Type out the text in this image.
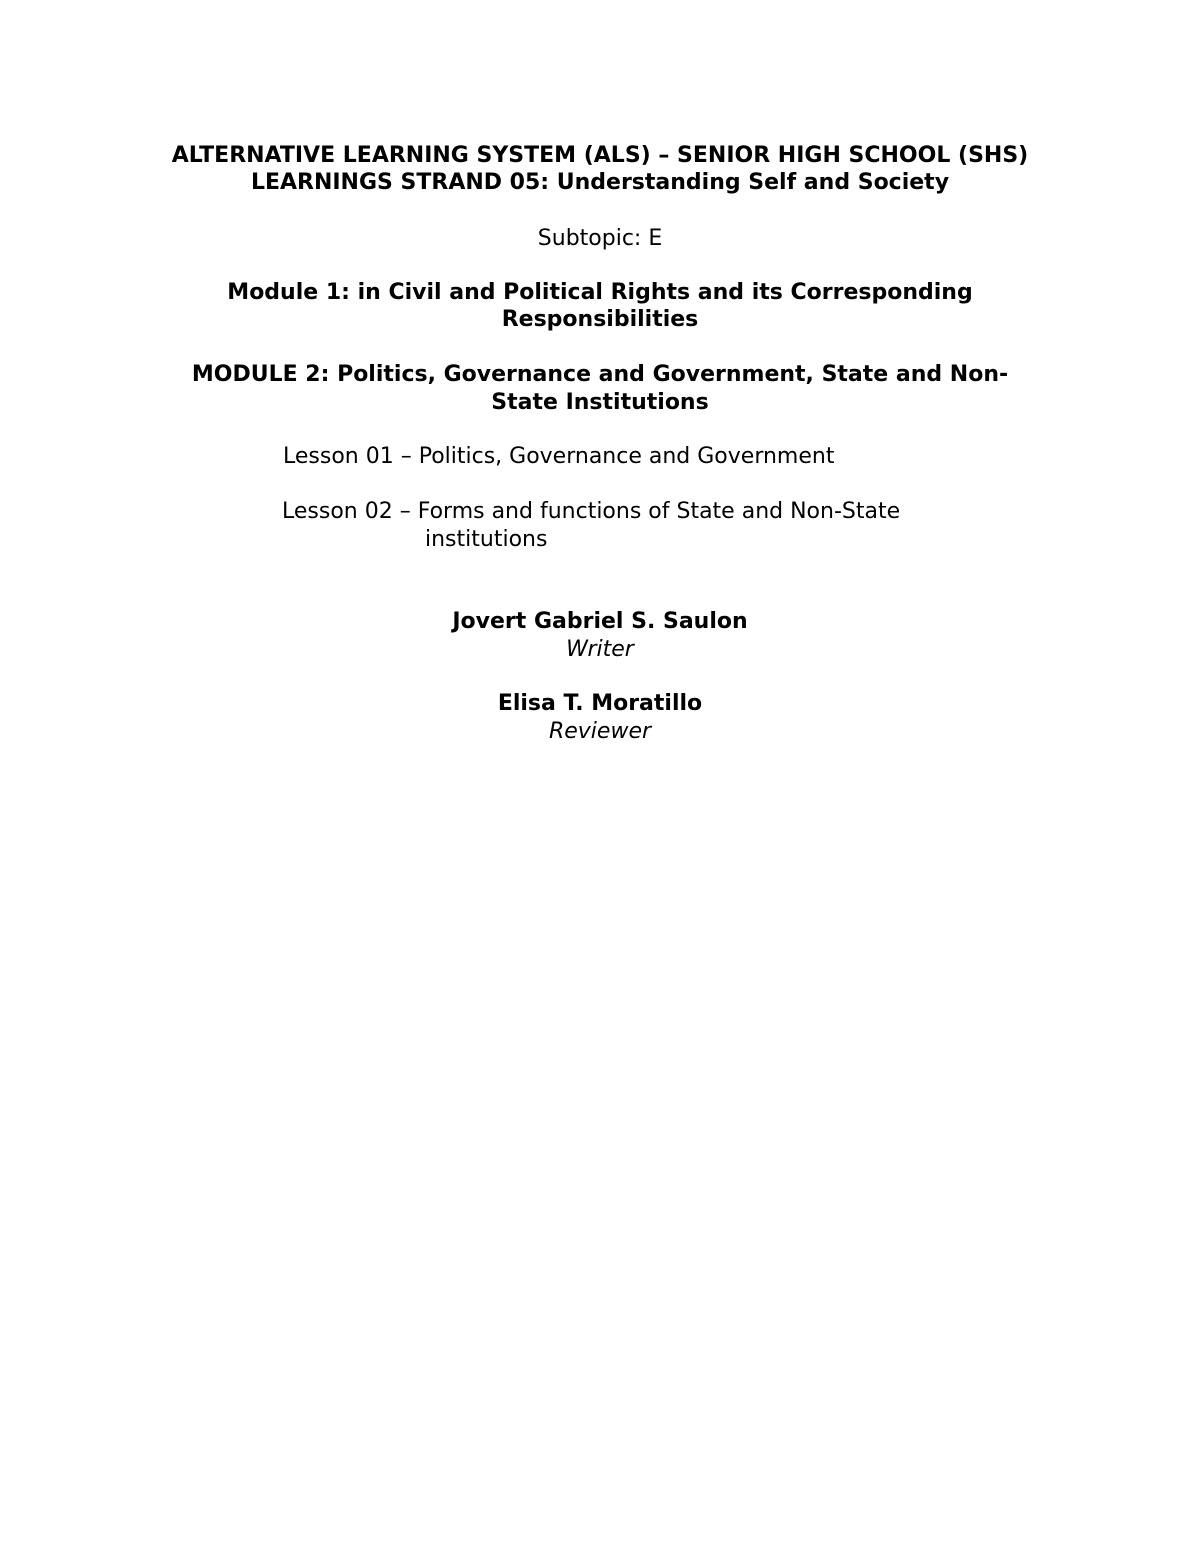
ALTERNATIVE LEARNING SYSTEM (ALS) – SENIOR HIGH SCHOOL (SHS)

LEARNINGS STRAND 05: Understanding Self and Society

Subtopic: E

Module 1: in Civil and Political Rights and its Corresponding

Responsibilities

MODULE 2: Politics, Governance and Government, State and Non-

State Institutions

Lesson 01 – Politics, Governance and Government

Lesson 02 – Forms and functions of State and Non-State

institutions

Jovert Gabriel S. Saulon

Writer

Elisa T. Moratillo

Reviewer
